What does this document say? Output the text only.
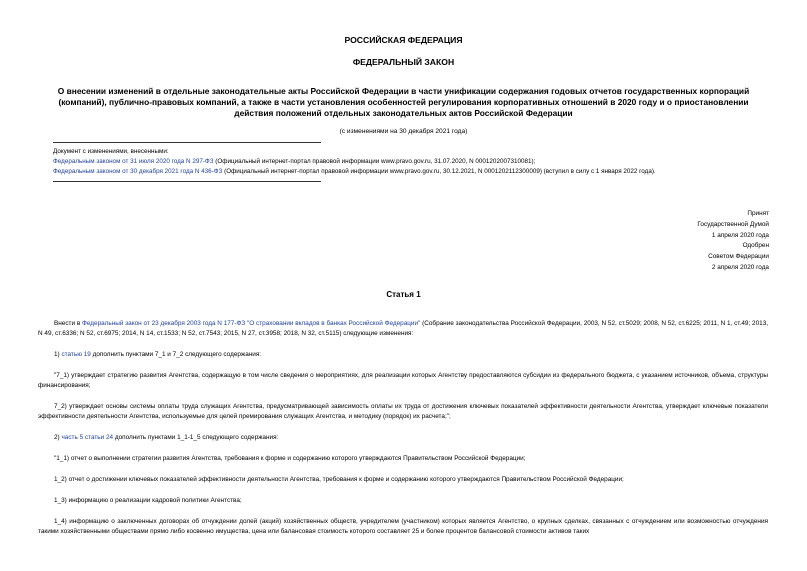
РОССИЙСКАЯ ФЕДЕРАЦИЯ
ФЕДЕРАЛЬНЫЙ ЗАКОН
О внесении изменений в отдельные законодательные акты Российской Федерации в части унификации содержания годовых отчетов государственных корпораций (компаний), публично-правовых компаний, а также в части установления особенностей регулирования корпоративных отношений в 2020 году и о приостановлении действия положений отдельных законодательных актов Российской Федерации
(с изменениями на 30 декабря 2021 года)
Документ с изменениями, внесенными:
Федеральным законом от 31 июля 2020 года N 297-ФЗ (Официальный интернет-портал правовой информации www.pravo.gov.ru, 31.07.2020, N 0001202007310081);
Федеральным законом от 30 декабря 2021 года N 436-ФЗ (Официальный интернет-портал правовой информации www.pravo.gov.ru, 30.12.2021, N 0001202112300009) (вступил в силу с 1 января 2022 года).
Принят
Государственной Думой
1 апреля 2020 года
Одобрен
Советом Федерации
2 апреля 2020 года
Статья 1
Внести в Федеральный закон от 23 декабря 2003 года N 177-ФЗ "О страховании вкладов в банках Российской Федерации" (Собрание законодательства Российской Федерации, 2003, N 52, ст.5029; 2008, N 52, ст.6225; 2011, N 1, ст.49; 2013, N 49, ст.6336; N 52, ст.6975; 2014, N 14, ст.1533; N 52, ст.7543; 2015, N 27, ст.3958; 2018, N 32, ст.5115) следующие изменения:
1) статью 19 дополнить пунктами 7_1 и 7_2 следующего содержания:
"7_1) утверждает стратегию развития Агентства, содержащую в том числе сведения о мероприятиях, для реализации которых Агентству предоставляются субсидии из федерального бюджета, с указанием источников, объема, структуры финансирования;
7_2) утверждает основы системы оплаты труда служащих Агентства, предусматривающей зависимость оплаты их труда от достижения ключевых показателей эффективности деятельности Агентства, утверждает ключевые показатели эффективности деятельности Агентства, используемые для целей премирования служащих Агентства, и методику (порядок) их расчета;";
2) часть 5 статьи 24 дополнить пунктами 1_1-1_5 следующего содержания:
"1_1) отчет о выполнении стратегии развития Агентства, требования к форме и содержанию которого утверждаются Правительством Российской Федерации;
1_2) отчет о достижении ключевых показателей эффективности деятельности Агентства, требования к форме и содержанию которого утверждаются Правительством Российской Федерации;
1_3) информацию о реализации кадровой политики Агентства;
1_4) информацию о заключенных договорах об отчуждении долей (акций) хозяйственных обществ, учредителем (участником) которых является Агентство, о крупных сделках, связанных с отчуждением или возможностью отчуждения такими хозяйственными обществами прямо либо косвенно имущества, цена или балансовая стоимость которого составляет 25 и более процентов балансовой стоимости активов таких
